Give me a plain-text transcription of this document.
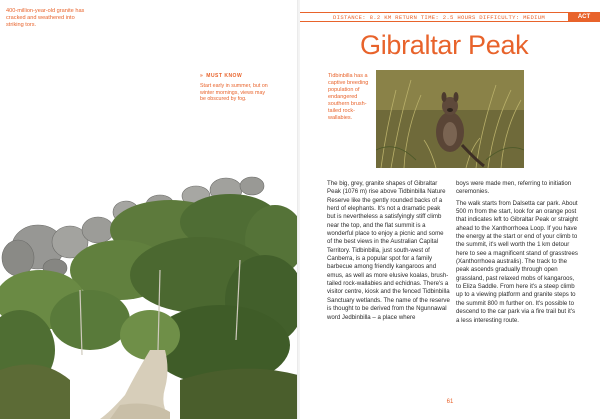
400-million-year-old granite has cracked and weathered into striking tors.
» MUST KNOW
Start early in summer, but on winter mornings, views may be obscured by fog.
DISTANCE: 8.2 KM RETURN TIME: 2.5 HOURS DIFFICULTY: MEDIUM	ACT
Gibraltar Peak
Tidbinbilla has a captive breeding population of endangered southern brush-tailed rock-wallabies.

The big, grey, granite shapes of Gibraltar Peak (1076 m) rise above Tidbinbilla Nature Reserve like the gently rounded backs of a herd of elephants. It's not a dramatic peak but is nevertheless a satisfyingly stiff climb near the top, and the flat summit is a wonderful place to enjoy a picnic and some of the best views in the Australian Capital Territory. Tidbinbilla, just south-west of Canberra, is a popular spot for a family barbecue among friendly kangaroos and emus, as well as more elusive koalas, brush-tailed rock-wallabies and echidnas. There's a visitor centre, kiosk and the fenced Tidbinbilla Sanctuary wetlands. The name of the reserve is thought to be derived from the Ngunnawal word Jedbinbilla – a place where

boys were made men, referring to initiation ceremonies.

The walk starts from Dalsetta car park. About 500 m from the start, look for an orange post that indicates left to Gibraltar Peak or straight ahead to the Xanthorrhoea Loop. If you have the energy at the start or end of your climb to the summit, it's well worth the 1 km detour here to see a magnificent stand of grasstrees (Xanthorrhoea australis). The track to the peak ascends gradually through open grassland, past relaxed mobs of kangaroos, to Eliza Saddle. From here it's a steep climb up to a viewing platform and granite steps to the summit 800 m further on. It's possible to descend to the car park via a fire trail but it's a less interesting route.

61
